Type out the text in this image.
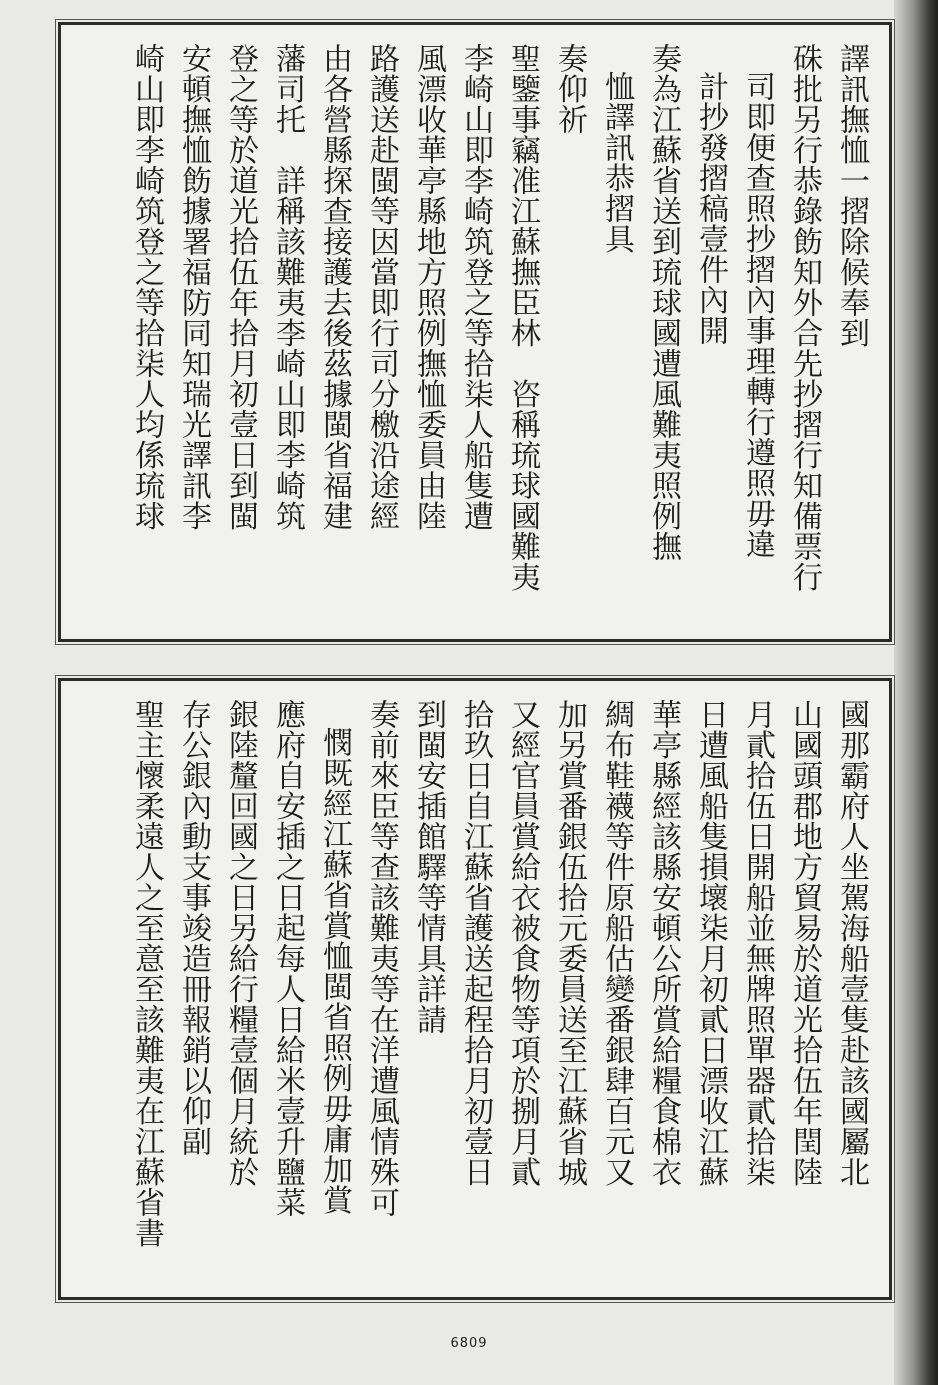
譯訊撫恤一摺除候奉到
硃批另行恭錄飭知外合先抄摺行知備票行
司即便查照抄摺內事理轉行遵照毋違
計抄發摺稿壹件內開
奏為江蘇省送到琉球國遭風難夷照例撫
恤譯訊恭摺具
奏仰祈
聖鑒事竊准江蘇撫臣林　咨稱琉球國難夷
李崎山即李崎筑登之等拾柒人船隻遭
風漂收華亭縣地方照例撫恤委員由陸
路護送赴閩等因當即行司分檄沿途經
由各營縣探查接護去後茲據閩省福建
藩司托　詳稱該難夷李崎山即李崎筑
登之等於道光拾伍年拾月初壹日到閩
安頓撫恤飭據署福防同知瑞光譯訊李
崎山即李崎筑登之等拾柒人均係琉球
國那霸府人坐駕海船壹隻赴該國屬北
山國頭郡地方貿易於道光拾伍年閏陸
月貳拾伍日開船並無牌照單器貳拾柒
日遭風船隻損壞柒月初貳日漂收江蘇
華亭縣經該縣安頓公所賞給糧食棉衣
綢布鞋襪等件原船估變番銀肆百元又
加另賞番銀伍拾元委員送至江蘇省城
又經官員賞給衣被食物等項於捌月貳
拾玖日自江蘇省護送起程拾月初壹日
到閩安插館驛等情具詳請
奏前來臣等查該難夷等在洋遭風情殊可
憫既經江蘇省賞恤閩省照例毋庸加賞
應府自安插之日起每人日給米壹升鹽菜
銀陸釐回國之日另給行糧壹個月統於
存公銀內動支事竣造冊報銷以仰副
聖主懷柔遠人之至意至該難夷在江蘇省書
6809
